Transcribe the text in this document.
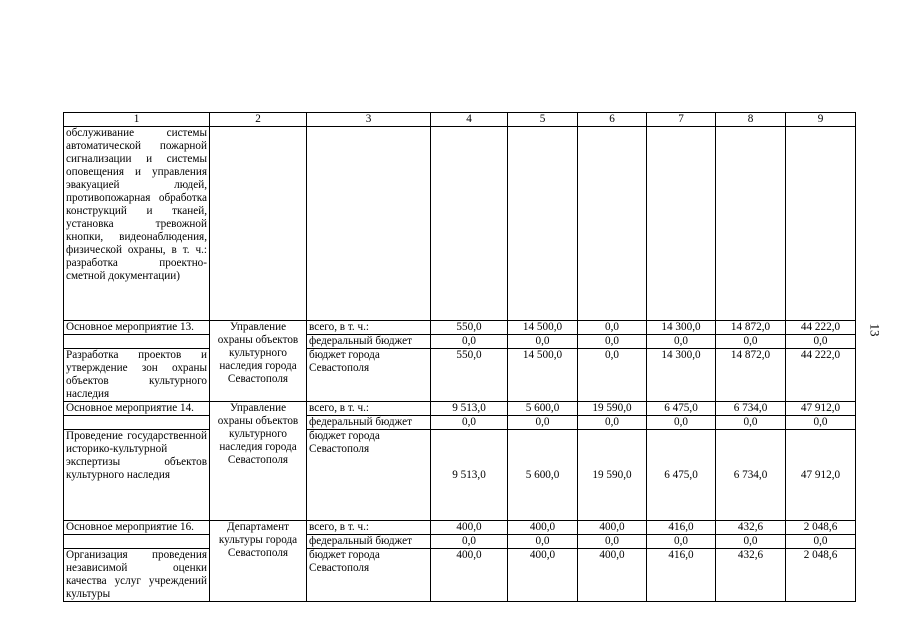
13
1	2	3	4	5	6	7	8	9
обслуживание системы автоматической пожарной сигнализации и системы оповещения и управления эвакуацией людей, противопожарная обработка конструкций и тканей, установка тревожной кнопки, видеонаблюдения, физической охраны, в т. ч.: разработка проектно-сметной документации)								
Основное мероприятие 13.	Управление охраны объектов культурного наследия города Севастополя	всего, в т. ч.:	550,0	14 500,0	0,0	14 300,0	14 872,0	44 222,0
		федеральный бюджет	0,0	0,0	0,0	0,0	0,0	0,0
Разработка проектов и утверждение зон охраны объектов культурного наследия		бюджет города Севастополя	550,0	14 500,0	0,0	14 300,0	14 872,0	44 222,0
Основное мероприятие 14.	Управление охраны объектов культурного наследия города Севастополя	всего, в т. ч.:	9 513,0	5 600,0	19 590,0	6 475,0	6 734,0	47 912,0
		федеральный бюджет	0,0	0,0	0,0	0,0	0,0	0,0
Проведение государственной историко-культурной экспертизы объектов культурного наследия		бюджет города Севастополя	9 513,0	5 600,0	19 590,0	6 475,0	6 734,0	47 912,0
Основное мероприятие 16.	Департамент культуры города Севастополя	всего, в т. ч.:	400,0	400,0	400,0	416,0	432,6	2 048,6
		федеральный бюджет	0,0	0,0	0,0	0,0	0,0	0,0
Организация проведения независимой оценки качества услуг учреждений культуры		бюджет города Севастополя	400,0	400,0	400,0	416,0	432,6	2 048,6
